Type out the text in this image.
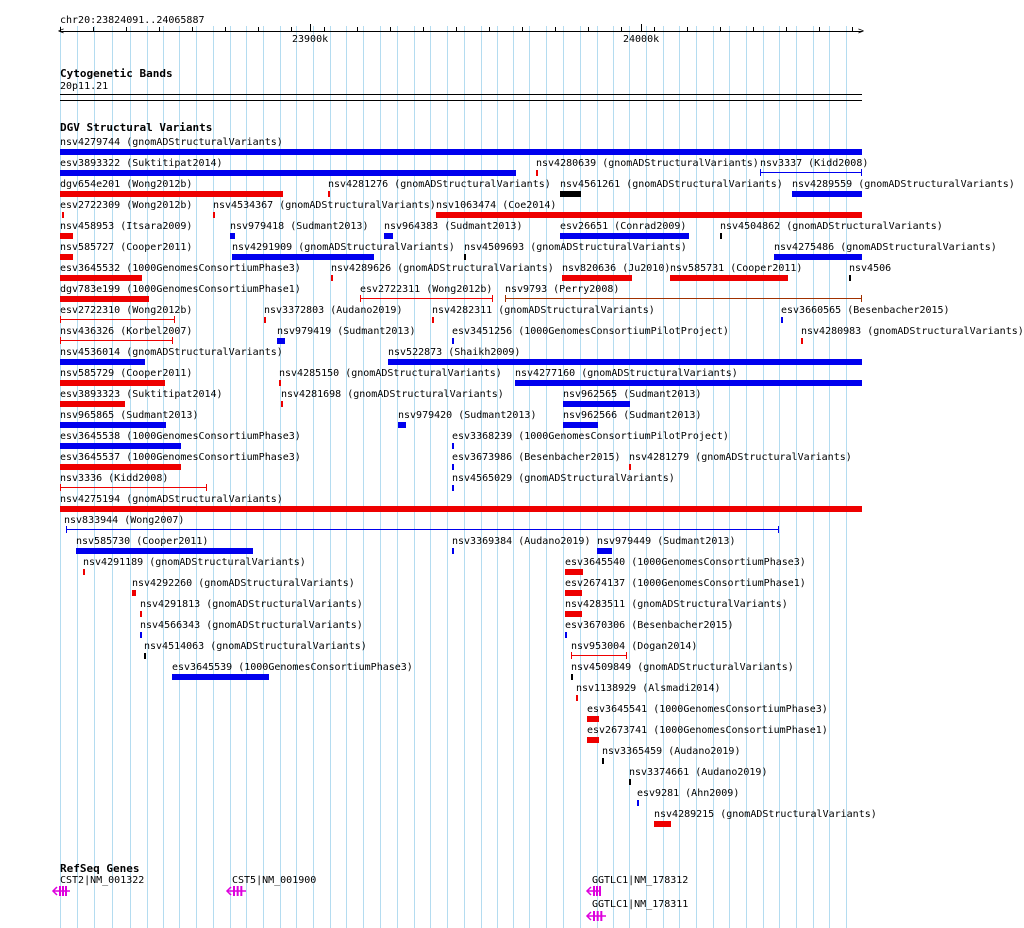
chr20:23824091..24065887
<	>
23900k	24000k
Cytogenetic Bands
20p11.21
DGV Structural Variants
nsv4279744 (gnomADStructuralVariants)
esv3893322 (Suktitipat2014)	nsv4280639 (gnomADStructuralVariants) nsv3337 (Kidd2008)
dgv654e201 (Wong2012b)	nsv4281276 (gnomADStructuralVariants) nsv4561261 (gnomADStructuralVariants) nsv4289559 (gnomADStructuralVariants)
esv2722309 (Wong2012b) nsv4534367 (gnomADStructuralVariants) nsv1063474 (Coe2014)
nsv458953 (Itsara2009)	nsv979418 (Sudmant2013) nsv964383 (Sudmant2013)	esv26651 (Conrad2009)	nsv4504862 (gnomADStructuralVariants)
nsv585727 (Cooper2011)	nsv4291909 (gnomADStructuralVariants) nsv4509693 (gnomADStructuralVariants)	nsv4275486 (gnomADStructuralVariants)
esv3645532 (1000GenomesConsortiumPhase3)	nsv4289626 (gnomADStructuralVariants) nsv820636 (Ju2010) nsv585731 (Cooper2011)	nsv4506
dgv783e199 (1000GenomesConsortiumPhase1)	esv2722311 (Wong2012b) nsv9793 (Perry2008)
esv2722310 (Wong2012b)	nsv3372803 (Audano2019)	nsv4282311 (gnomADStructuralVariants)	esv3660565 (Besenbacher2015)
nsv436326 (Korbel2007)	nsv979419 (Sudmant2013)	esv3451256 (1000GenomesConsortiumPilotProject)	nsv4280983 (gnomADStructuralVariants)
nsv4536014 (gnomADStructuralVariants)	nsv522873 (Shaikh2009)
nsv585729 (Cooper2011)	nsv4285150 (gnomADStructuralVariants) nsv4277160 (gnomADStructuralVariants)
esv3893323 (Suktitipat2014)	nsv4281698 (gnomADStructuralVariants)	nsv962565 (Sudmant2013)
nsv965865 (Sudmant2013)	nsv979420 (Sudmant2013)	nsv962566 (Sudmant2013)
esv3645538 (1000GenomesConsortiumPhase3)	esv3368239 (1000GenomesConsortiumPilotProject)
esv3645537 (1000GenomesConsortiumPhase3)	esv3673986 (Besenbacher2015) nsv4281279 (gnomADStructuralVariants)
nsv3336 (Kidd2008)	nsv4565029 (gnomADStructuralVariants)
nsv4275194 (gnomADStructuralVariants)
nsv833944 (Wong2007)
nsv585730 (Cooper2011)	nsv3369384 (Audano2019) nsv979449 (Sudmant2013)
nsv4291189 (gnomADStructuralVariants)	esv3645540 (1000GenomesConsortiumPhase3)
nsv4292260 (gnomADStructuralVariants)	esv2674137 (1000GenomesConsortiumPhase1)
nsv4291813 (gnomADStructuralVariants)	nsv4283511 (gnomADStructuralVariants)
nsv4566343 (gnomADStructuralVariants)	esv3670306 (Besenbacher2015)
nsv4514063 (gnomADStructuralVariants)	nsv953004 (Dogan2014)
esv3645539 (1000GenomesConsortiumPhase3)	nsv4509849 (gnomADStructuralVariants)
nsv1138929 (Alsmadi2014)
esv3645541 (1000GenomesConsortiumPhase3)
esv2673741 (1000GenomesConsortiumPhase1)
nsv3365459 (Audano2019)
nsv3374661 (Audano2019)
esv9281 (Ahn2009)
nsv4289215 (gnomADStructuralVariants)
RefSeq Genes
CST2|NM_001322	CST5|NM_001900	GGTLC1|NM_178312
GGTLC1|NM_178311
